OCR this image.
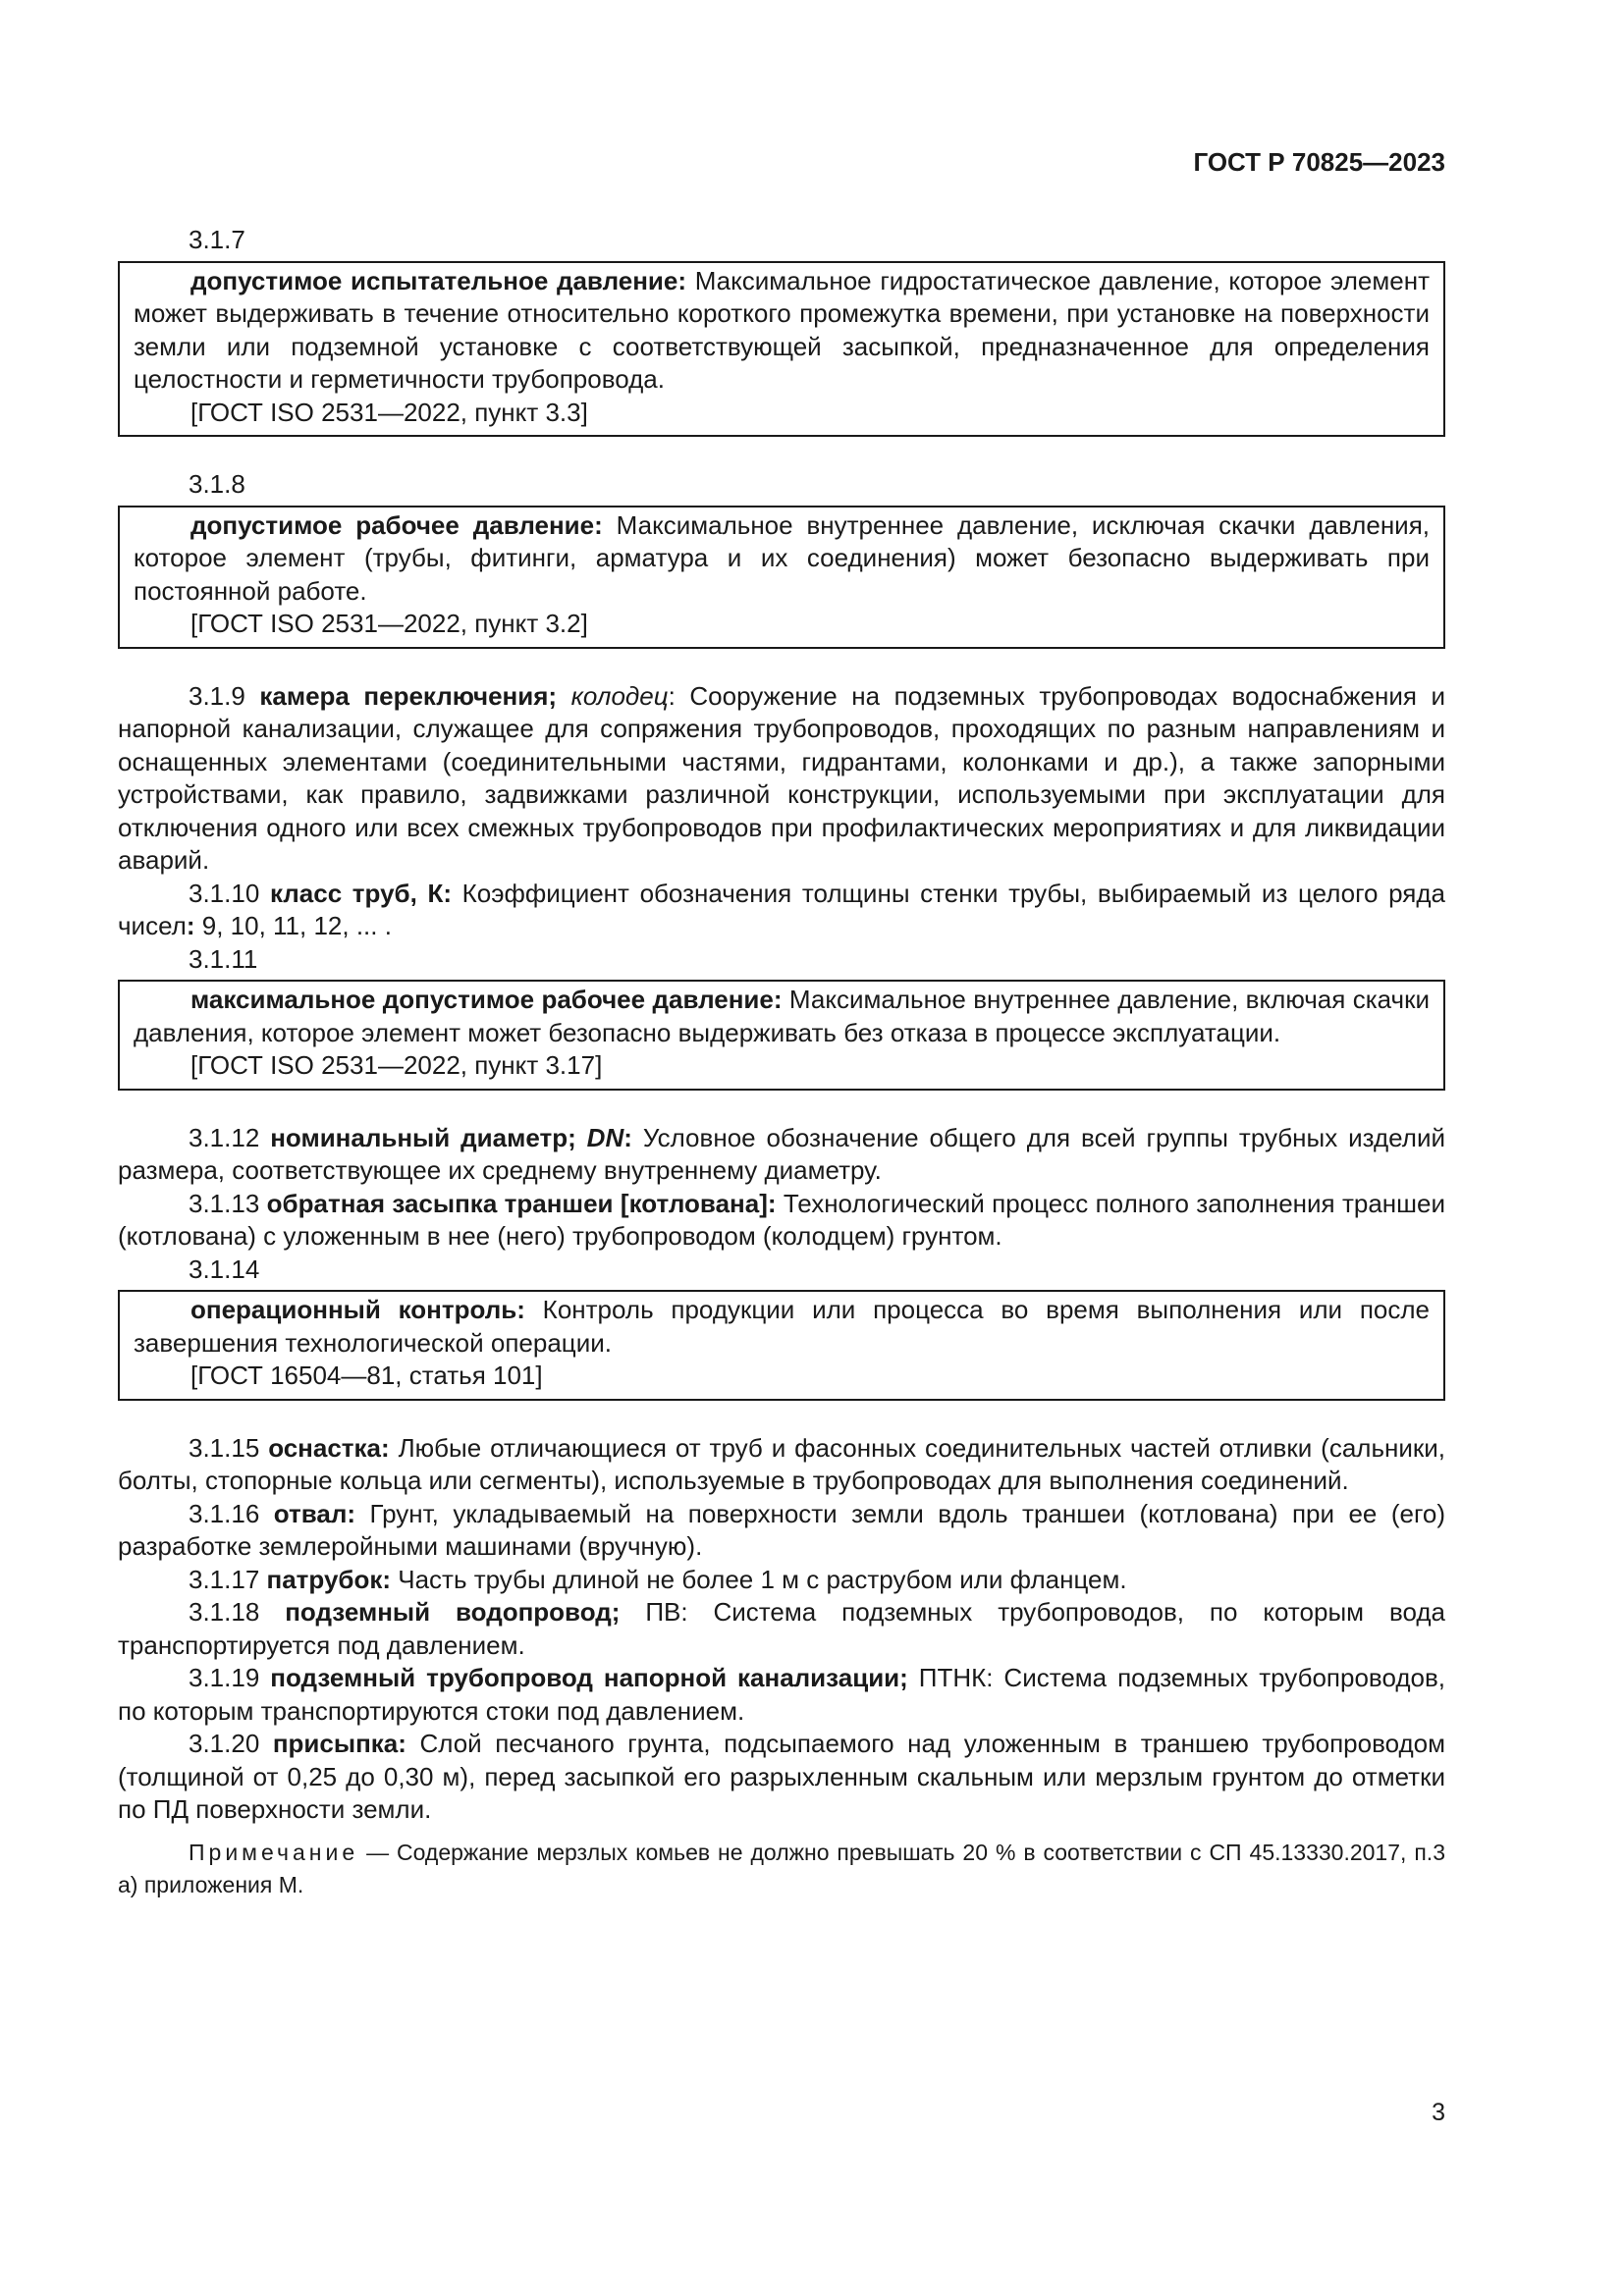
ГОСТ Р 70825—2023
3.1.7

допустимое испытательное давление: Максимальное гидростатическое давление, которое элемент может выдерживать в течение относительно короткого промежутка времени, при установке на поверхности земли или подземной установке с соответствующей засыпкой, предназначенное для определения целостности и герметичности трубопровода.

[ГОСТ ISO 2531—2022, пункт 3.3]
3.1.8

допустимое рабочее давление: Максимальное внутреннее давление, исключая скачки давления, которое элемент (трубы, фитинги, арматура и их соединения) может безопасно выдерживать при постоянной работе.

[ГОСТ ISO 2531—2022, пункт 3.2]

3.1.9 камера переключения; колодец: Сооружение на подземных трубопроводах водоснабжения и напорной канализации, служащее для сопряжения трубопроводов, проходящих по разным направлениям и оснащенных элементами (соединительными частями, гидрантами, колонками и др.), а также запорными устройствами, как правило, задвижками различной конструкции, используемыми при эксплуатации для отключения одного или всех смежных трубопроводов при профилактических мероприятиях и для ликвидации аварий.

3.1.10 класс труб, К: Коэффициент обозначения толщины стенки трубы, выбираемый из целого ряда чисел: 9, 10, 11, 12, ... .

3.1.11

максимальное допустимое рабочее давление: Максимальное внутреннее давление, включая скачки давления, которое элемент может безопасно выдерживать без отказа в процессе эксплуатации.

[ГОСТ ISO 2531—2022, пункт 3.17]

3.1.12 номинальный диаметр; DN: Условное обозначение общего для всей группы трубных изделий размера, соответствующее их среднему внутреннему диаметру.

3.1.13 обратная засыпка траншеи [котлована]: Технологический процесс полного заполнения траншеи (котлована) с уложенным в нее (него) трубопроводом (колодцем) грунтом.

3.1.14

операционный контроль: Контроль продукции или процесса во время выполнения или после завершения технологической операции.

[ГОСТ 16504—81, статья 101]

3.1.15 оснастка: Любые отличающиеся от труб и фасонных соединительных частей отливки (сальники, болты, стопорные кольца или сегменты), используемые в трубопроводах для выполнения соединений.

3.1.16 отвал: Грунт, укладываемый на поверхности земли вдоль траншеи (котлована) при ее (его) разработке землеройными машинами (вручную).

3.1.17 патрубок: Часть трубы длиной не более 1 м с раструбом или фланцем.

3.1.18 подземный водопровод; ПВ: Система подземных трубопроводов, по которым вода транспортируется под давлением.

3.1.19 подземный трубопровод напорной канализации; ПТНК: Система подземных трубопроводов, по которым транспортируются стоки под давлением.

3.1.20 присыпка: Слой песчаного грунта, подсыпаемого над уложенным в траншею трубопроводом (толщиной от 0,25 до 0,30 м), перед засыпкой его разрыхленным скальным или мерзлым грунтом до отметки по ПД поверхности земли.

Примечание — Содержание мерзлых комьев не должно превышать 20 % в соответствии с СП 45.13330.2017, п.3 а) приложения М.

3
